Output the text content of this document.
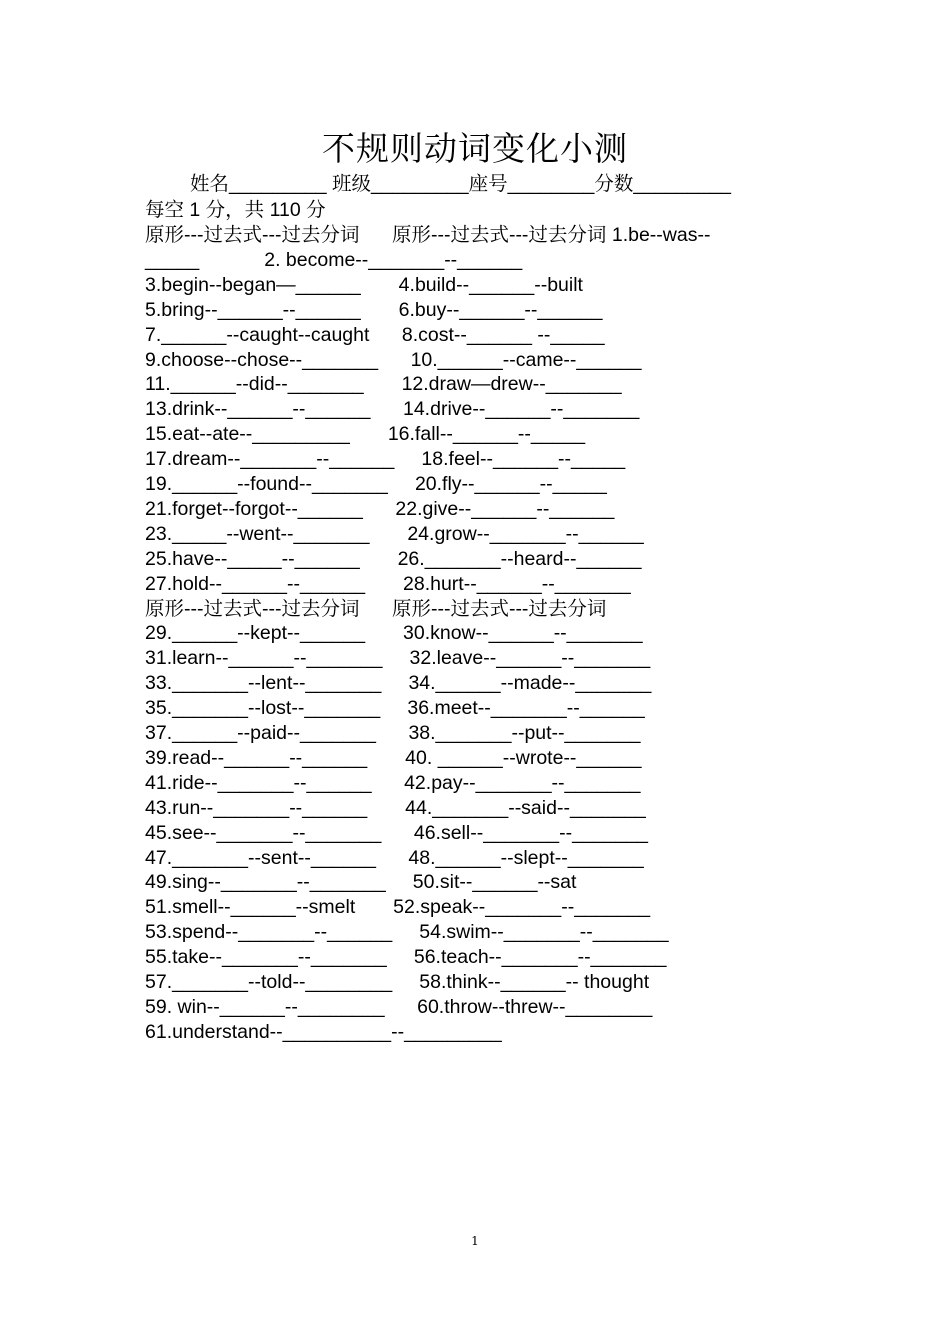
不规则动词变化小测
姓名_________ 班级_________座号________分数_________
每空 1 分，共 110 分
原形---过去式---过去分词      原形---过去式---过去分词 1.be--was--
_____            2. become--_______--______
3.begin--began—______       4.build--______--built
5.bring--______--______       6.buy--______--______
7.______--caught--caught      8.cost--______ --_____
9.choose--chose--_______      10.______--came--______
11.______--did--_______       12.draw—drew--_______
13.drink--______--______      14.drive--______--_______
15.eat--ate--_________       16.fall--______--_____
17.dream--_______--______     18.feel--______--_____
19.______--found--_______     20.fly--______--_____
21.forget--forgot--______      22.give--______--______
23._____--went--_______       24.grow--_______--______
25.have--_____--______       26._______--heard--______
27.hold--______--______       28.hurt--______--_______
原形---过去式---过去分词      原形---过去式---过去分词
29.______--kept--______       30.know--______--_______
31.learn--______--_______     32.leave--______--_______
33._______--lent--_______     34.______--made--_______
35._______--lost--_______     36.meet--_______--______
37.______--paid--_______      38._______--put--_______
39.read--______--______       40. ______--wrote--______
41.ride--_______--______      42.pay--_______--_______
43.run--_______--______       44._______--said--_______
45.see--_______--_______      46.sell--_______--_______
47._______--sent--______      48.______--slept--_______
49.sing--_______--_______     50.sit--______--sat
51.smell--______--smelt       52.speak--_______--_______
53.spend--_______--______     54.swim--_______--_______
55.take--_______--_______     56.teach--_______--_______
57._______--told--________     58.think--______-- thought
59. win--______--________      60.throw--threw--________
61.understand--__________--_________
1
